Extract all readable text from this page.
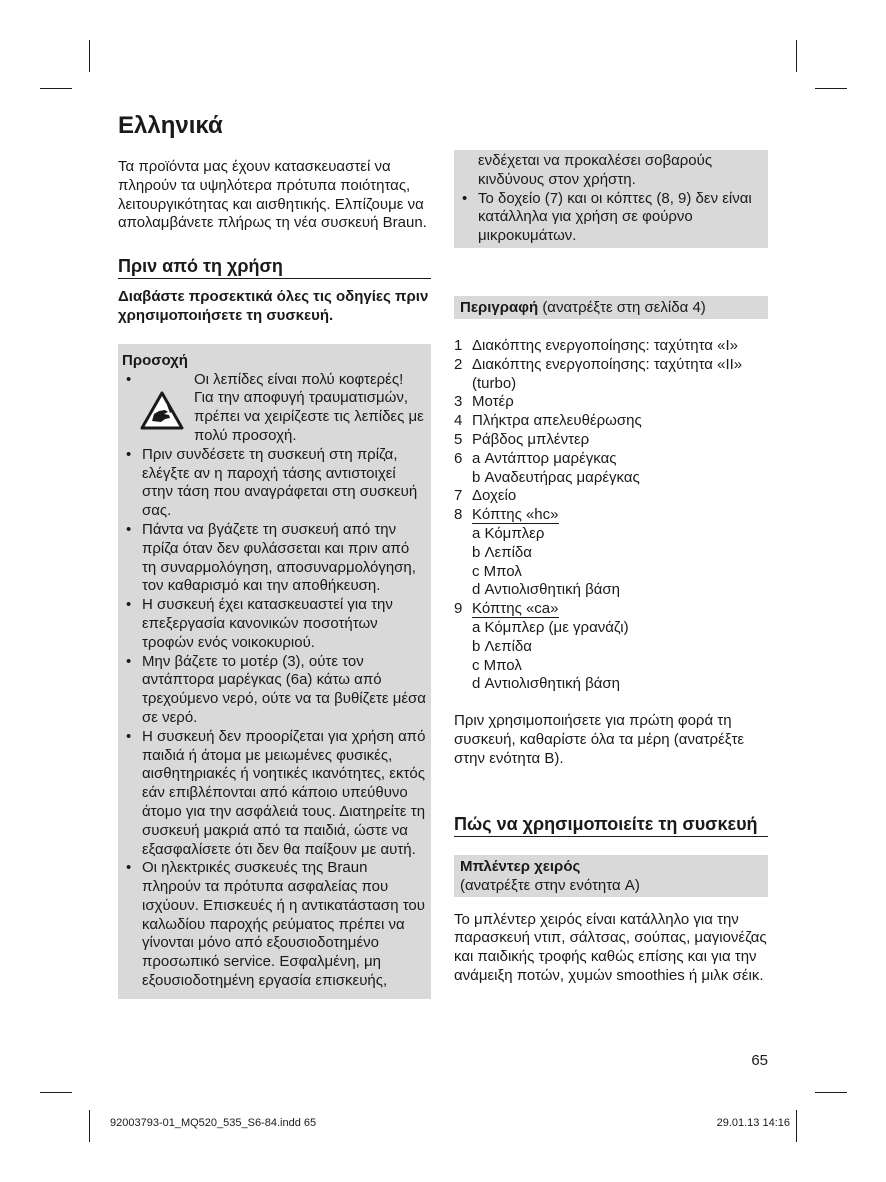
Ελληνικά

Τα προϊόντα μας έχουν κατασκευαστεί να πληρούν τα υψηλότερα πρότυπα ποιότητας, λειτουργικότητας και αισθητικής. Ελπίζουμε να απολαμβάνετε πλήρως τη νέα συσκευή Braun.

Πριν από τη χρήση

Διαβάστε προσεκτικά όλες τις οδηγίες πριν χρησιμοποιήσετε τη συσκευή.

Προσοχή
•	Οι λεπίδες είναι πολύ κοφτερές! Για την αποφυγή τραυματισμών, πρέπει να χειρίζεστε τις λεπίδες με πολύ προσοχή.
• Πριν συνδέσετε τη συσκευή στη πρίζα, ελέγξτε αν η παροχή τάσης αντιστοιχεί στην τάση που αναγράφεται στη συσκευή σας.
• Πάντα να βγάζετε τη συσκευή από την πρίζα όταν δεν φυλάσσεται και πριν από τη συναρμολόγηση, αποσυναρμολόγηση, τον καθαρισμό και την αποθήκευση.
• Η συσκευή έχει κατασκευαστεί για την επεξεργασία κανονικών ποσοτήτων τροφών ενός νοικοκυριού.
• Μην βάζετε το μοτέρ (3), ούτε τον αντάπτορα μαρέγκας (6a) κάτω από τρεχούμενο νερό, ούτε να τα βυθίζετε μέσα σε νερό.
• Η συσκευή δεν προορίζεται για χρήση από παιδιά ή άτομα με μειωμένες φυσικές, αισθητηριακές ή νοητικές ικανότητες, εκτός εάν επιβλέπονται από κάποιο υπεύθυνο άτομο για την ασφάλειά τους. Διατηρείτε τη συσκευή μακριά από τα παιδιά, ώστε να εξασφαλίσετε ότι δεν θα παίξουν με αυτή.
• Οι ηλεκτρικές συσκευές της Braun πληρούν τα πρότυπα ασφαλείας που ισχύουν. Επισκευές ή η αντικατάσταση του καλωδίου παροχής ρεύματος πρέπει να γίνονται μόνο από εξουσιοδοτημένο προσωπικό service. Εσφαλμένη, μη εξουσιοδοτημένη εργασία επισκευής,

ενδέχεται να προκαλέσει σοβαρούς κινδύνους στον χρήστη.

• Το δοχείο (7) και οι κόπτες (8, 9) δεν είναι κατάλληλα για χρήση σε φούρνο μικροκυμάτων.
Περιγραφή (ανατρέξτε στη σελίδα 4)
1 Διακόπτης ενεργοποίησης: ταχύτητα «I»
2 Διακόπτης ενεργοποίησης: ταχύτητα «II» (turbo)
3 Μοτέρ
4 Πλήκτρα απελευθέρωσης
5 Ράβδος μπλέντερ
6 a Αντάπτορ μαρέγκας
b Αναδευτήρας μαρέγκας
7 Δοχείο
8 Κόπτης «hc»
a Κόμπλερ
b Λεπίδα
c Μπολ
d Αντιολισθητική βάση
9 Κόπτης «ca»
a Κόμπλερ (με γρανάζι)
b Λεπίδα
c Μπολ
d Αντιολισθητική βάση

Πριν χρησιμοποιήσετε για πρώτη φορά τη συσκευή, καθαρίστε όλα τα μέρη (ανατρέξτε στην ενότητα B).

Πώς να χρησιμοποιείτε τη συσκευή
Μπλέντερ χειρός
(ανατρέξτε στην ενότητα A)

Το μπλέντερ χειρός είναι κατάλληλο για την παρασκευή ντιπ, σάλτσας, σούπας, μαγιονέζας και παιδικής τροφής καθώς επίσης και για την ανάμειξη ποτών, χυμών smoothies ή μιλκ σέικ.

65
92003793-01_MQ520_535_S6-84.indd 65	29.01.13 14:16
